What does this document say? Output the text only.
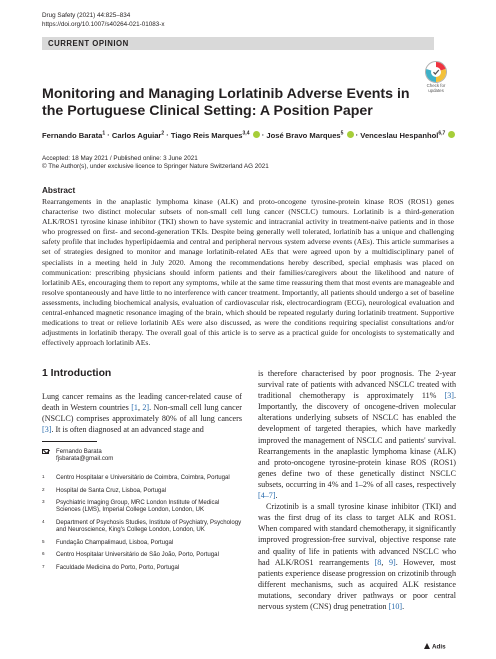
Drug Safety (2021) 44:825–834
https://doi.org/10.1007/s40264-021-01083-x
CURRENT OPINION
Check for updates
Monitoring and Managing Lorlatinib Adverse Events in the Portuguese Clinical Setting: A Position Paper
Fernando Barata$^1$ · Carlos Aguiar$^2$ · Tiago Reis Marques$^{3,4}$  · José Bravo Marques$^5$  · Venceslau Hespanhol$^{6,7}$
Accepted: 18 May 2021 / Published online: 3 June 2021
© The Author(s), under exclusive licence to Springer Nature Switzerland AG 2021
Abstract

Rearrangements in the anaplastic lymphoma kinase (ALK) and proto-oncogene tyrosine-protein kinase ROS (ROS1) genes characterise two distinct molecular subsets of non-small cell lung cancer (NSCLC) tumours. Lorlatinib is a third-generation ALK/ROS1 tyrosine kinase inhibitor (TKI) shown to have systemic and intracranial activity in treatment-naive patients and in those who progressed on first- and second-generation TKIs. Despite being generally well tolerated, lorlatinib has a unique and challenging safety profile that includes hyperlipidaemia and central and peripheral nervous system adverse events (AEs). This article summarises a set of strategies designed to monitor and manage lorlatinib-related AEs that were agreed upon by a multidisciplinary panel of specialists in a meeting held in July 2020. Among the recommendations hereby described, special emphasis was placed on communication: prescribing physicians should inform patients and their families/caregivers about the likelihood and nature of lorlatinib AEs, encouraging them to report any symptoms, while at the same time reassuring them that most events are manageable and resolve spontaneously and have little to no interference with cancer treatment. Importantly, all patients should undergo a set of baseline assessments, including biochemical analysis, evaluation of cardiovascular risk, electrocardiogram (ECG), neurological evaluation and central-enhanced magnetic resonance imaging of the brain, which should be repeated regularly during lorlatinib treatment. Supportive medications to treat or relieve lorlatinib AEs were also discussed, as were the conditions requiring specialist consultations and/or adjustments in lorlatinib therapy. The overall goal of this article is to serve as a practical guide for oncologists to systematically and effectively approach lorlatinib AEs.

1 Introduction

Lung cancer remains as the leading cancer-related cause of death in Western countries [1, 2]. Non-small cell lung cancer (NSCLC) comprises approximately 80% of all lung cancers [3]. It is often diagnosed at an advanced stage and

is therefore characterised by poor prognosis. The 2-year survival rate of patients with advanced NSCLC treated with traditional chemotherapy is approximately 11% [3]. Importantly, the discovery of oncogene-driven molecular alterations underlying subsets of NSCLC has enabled the development of targeted therapies, which have markedly improved the management of NSCLC and patients' survival. Rearrangements in the anaplastic lymphoma kinase (ALK) and proto-oncogene tyrosine-protein kinase ROS (ROS1) genes define two of these genetically distinct NSCLC subsets, occurring in 4% and 1–2% of all cases, respectively [4–7].

Crizotinib is a small tyrosine kinase inhibitor (TKI) and was the first drug of its class to target ALK and ROS1. When compared with standard chemotherapy, it significantly improved progression-free survival, objective response rate and quality of life in patients with advanced NSCLC who had ALK/ROS1 rearrangements [8, 9]. However, most patients experience disease progression on crizotinib through different mechanisms, such as acquired ALK resistance mutations, secondary driver pathways or poor central nervous system (CNS) drug penetration [10].

Fernando Barata
fjsbarata@gmail.com
1 Centro Hospitalar e Universitário de Coimbra, Coimbra, Portugal
2 Hospital de Santa Cruz, Lisboa, Portugal
3 Psychiatric Imaging Group, MRC London Institute of Medical Sciences (LMS), Imperial College London, London, UK
4 Department of Psychosis Studies, Institute of Psychiatry, Psychology and Neuroscience, King's College London, London, UK
5 Fundação Champalimaud, Lisboa, Portugal
6 Centro Hospitalar Universitário de São João, Porto, Portugal
7 Faculdade Medicina do Porto, Porto, Portugal
Adis
